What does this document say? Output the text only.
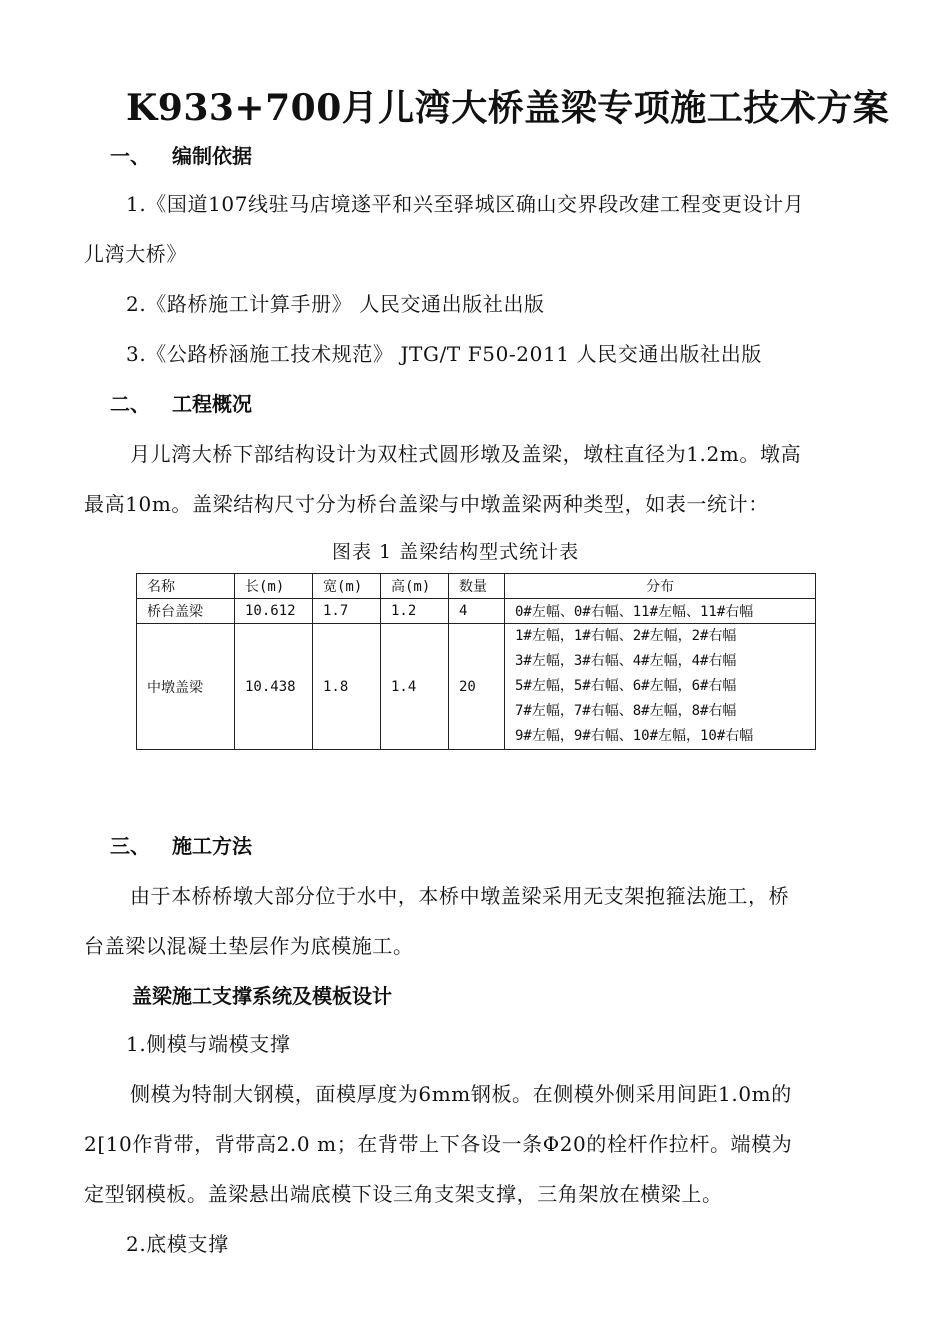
K933+700月儿湾大桥盖梁专项施工技术方案
一、 编制依据
1.《国道107线驻马店境遂平和兴至驿城区确山交界段改建工程变更设计月
儿湾大桥》
2.《路桥施工计算手册》 人民交通出版社出版
3.《公路桥涵施工技术规范》 JTG/T F50-2011 人民交通出版社出版
二、 工程概况
月儿湾大桥下部结构设计为双柱式圆形墩及盖梁，墩柱直径为1.2m。墩高
最高10m。盖梁结构尺寸分为桥台盖梁与中墩盖梁两种类型，如表一统计：
图表 1 盖梁结构型式统计表
名称	长(m)	宽(m)	高(m)	数量	分布
桥台盖梁	10.612	1.7	1.2	4	0#左幅、0#右幅、11#左幅、11#右幅
中墩盖梁	10.438	1.8	1.4	20	1#左幅，1#右幅、2#左幅，2#右幅
3#左幅，3#右幅、4#左幅，4#右幅
5#左幅，5#右幅、6#左幅，6#右幅
7#左幅，7#右幅、8#左幅，8#右幅
9#左幅，9#右幅、10#左幅，10#右幅
三、 施工方法
由于本桥桥墩大部分位于水中，本桥中墩盖梁采用无支架抱箍法施工，桥
台盖梁以混凝土垫层作为底模施工。
盖梁施工支撑系统及模板设计
1.侧模与端模支撑
侧模为特制大钢模，面模厚度为6mm钢板。在侧模外侧采用间距1.0m的
2[10作背带，背带高2.0 m；在背带上下各设一条Φ20的栓杆作拉杆。端模为
定型钢模板。盖梁悬出端底模下设三角支架支撑，三角架放在横梁上。
2.底模支撑
